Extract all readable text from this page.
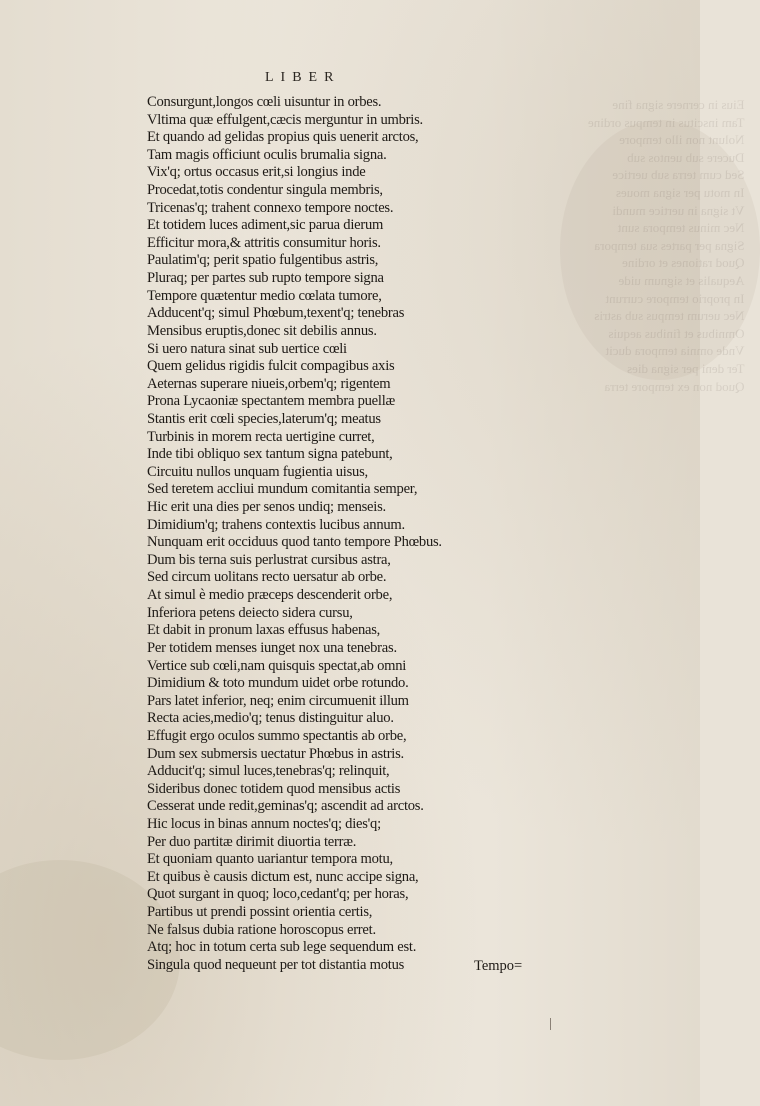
Eius in cernere signa fine
Tam inscitus in tempus ordine
Nolunt non illo tempore
Ducere sub uentos sub
Sed cum terra sub uertice
In motu per signa moues
Vt signa in uertice mundi
Nec minus tempora sunt
Signa per partes sua tempora
Quod rationes et ordine
Aequalis et signum uide
In proprio tempore currunt
Nec uerum tempus sub astris
Omnibus et finibus aequis
Vnde omnia tempora ducit
Ter deni per signa dies
Quod non ex tempore terra
LIBER
Consurgunt,longos cœli uisuntur in orbes.
Vltima quæ effulgent,cæcis merguntur in umbris.
Et quando ad gelidas propius quis uenerit arctos,
Tam magis officiunt oculis brumalia signa.
Vix'q; ortus occasus erit,si longius inde
Procedat,totis condentur singula membris,
Tricenas'q; trahent connexo tempore noctes.
Et totidem luces adiment,sic parua dierum
Efficitur mora,& attritis consumitur horis.
Paulatim'q; perit spatio fulgentibus astris,
Pluraq; per partes sub rupto tempore signa
Tempore quætentur medio cœlata tumore,
Adducent'q; simul Phœbum,texent'q; tenebras
Mensibus eruptis,donec sit debilis annus.
Si uero natura sinat sub uertice cœli
Quem gelidus rigidis fulcit compagibus axis
Aeternas superare niueis,orbem'q; rigentem
Prona Lycaoniæ spectantem membra puellæ
Stantis erit cœli species,laterum'q; meatus
Turbinis in morem recta uertigine curret,
Inde tibi obliquo sex tantum signa patebunt,
Circuitu nullos unquam fugientia uisus,
Sed teretem accliui mundum comitantia semper,
Hic erit una dies per senos undiq; menseis.
Dimidium'q; trahens contextis lucibus annum.
Nunquam erit occiduus quod tanto tempore Phœbus.
Dum bis terna suis perlustrat cursibus astra,
Sed circum uolitans recto uersatur ab orbe.
At simul è medio præceps descenderit orbe,
Inferiora petens deiecto sidera cursu,
Et dabit in pronum laxas effusus habenas,
Per totidem menses iunget nox una tenebras.
Vertice sub cœli,nam quisquis spectat,ab omni
Dimidium & toto mundum uidet orbe rotundo.
Pars latet inferior, neq; enim circumuenit illum
Recta acies,medio'q; tenus distinguitur aluo.
Effugit ergo oculos summo spectantis ab orbe,
Dum sex submersis uectatur Phœbus in astris.
Adducit'q; simul luces,tenebras'q; relinquit,
Sideribus donec totidem quod mensibus actis
Cesserat unde redit,geminas'q; ascendit ad arctos.
Hic locus in binas annum noctes'q; dies'q;
Per duo partitæ dirimit diuortia terræ.
Et quoniam quanto uariantur tempora motu,
Et quibus è causis dictum est, nunc accipe signa,
Quot surgant in quoq; loco,cedant'q; per horas,
Partibus ut prendi possint orientia certis,
Ne falsus dubia ratione horoscopus erret.
Atq; hoc in totum certa sub lege sequendum est.
Singula quod nequeunt per tot distantia motus	Tempo=
